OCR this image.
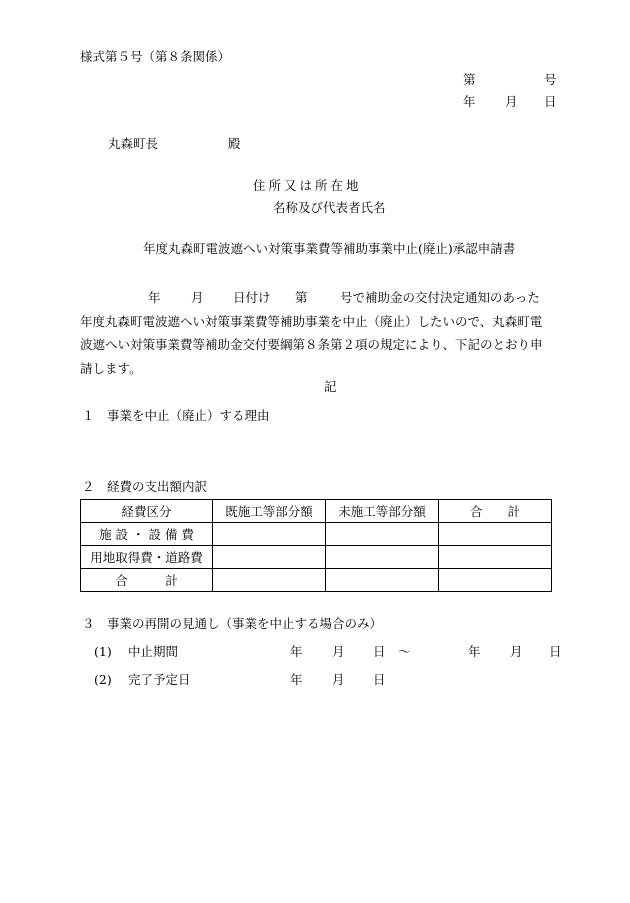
様式第５号（第８条関係）
第	号
年 月 日
丸森町長	殿
住所又は所在地
名称及び代表者氏名
年度丸森町電波遮へい対策事業費等補助事業中止(廃止)承認申請書
年 月 日付け 第	号で補助金の交付決定通知のあった
年度丸森町電波遮へい対策事業費等補助事業を中止（廃止）したいので、丸森町電
波遮へい対策事業費等補助金交付要綱第８条第２項の規定により、下記のとおり申
請します。
記
１ 事業を中止（廃止）する理由
２ 経費の支出額内訳
経費区分	既施工等部分額	未施工等部分額	合　　計
施 設 ・ 設 備 費			
用地取得費・道路費			
合　　　計			
３ 事業の再開の見通し（事業を中止する場合のみ）
(1) 中止期間	年 月 日 ～	年 月 日
(2) 完了予定日	年 月 日
